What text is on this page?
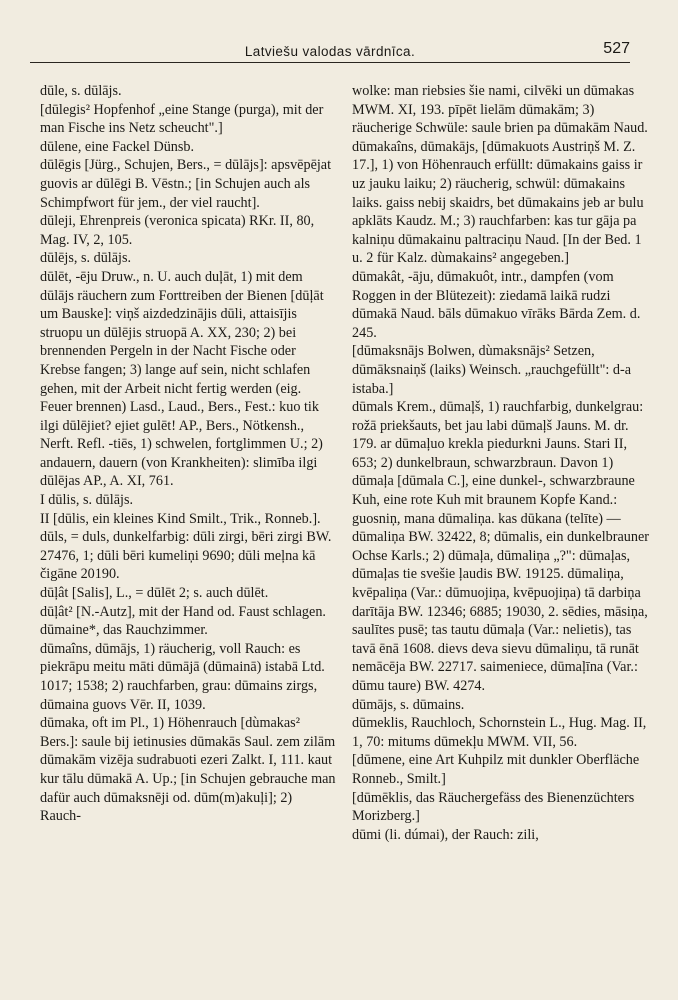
Latviešu valodas vārdnīca.	527

dūle, s. dūlājs.

[dūlegis² Hopfenhof „eine Stange (purga), mit der man Fische ins Netz scheucht".]

dūlene, eine Fackel Dünsb.

dūlēgis [Jürg., Schujen, Bers., = dūlājs]: apsvēpējat guovis ar dūlēgi B. Vēstn.; [in Schujen auch als Schimpfwort für jem., der viel raucht].

dūleji, Ehrenpreis (veronica spicata) RKr. II, 80, Mag. IV, 2, 105.

dūlējs, s. dūlājs.

dūlēt, -ēju Druw., n. U. auch duļāt, 1) mit dem dūlājs räuchern zum Forttreiben der Bienen [dūļāt um Bauske]: viņš aizdedzinājis dūli, attaisījis struopu un dūlējis struopā A. XX, 230; 2) bei brennenden Pergeln in der Nacht Fische oder Krebse fangen; 3) lange auf sein, nicht schlafen gehen, mit der Arbeit nicht fertig werden (eig. Feuer brennen) Lasd., Laud., Bers., Fest.: kuo tik ilgi dūlējiet? ejiet gulēt! AP., Bers., Nötkensh., Nerft. Refl. -tiēs, 1) schwelen, fortglimmen U.; 2) andauern, dauern (von Krankheiten): slimība ilgi dūlējas AP., A. XI, 761.

I dūlis, s. dūlājs.

II [dūlis, ein kleines Kind Smilt., Trik., Ronneb.].

dūls, = duls, dunkelfarbig: dūli zirgi, bēri zirgi BW. 27476, 1; dūli bēri kumeliņi 9690; dūli meļna kā čigāne 20190.

dūļât [Salis], L., = dūlēt 2; s. auch dūlēt.

dūļât² [N.-Autz], mit der Hand od. Faust schlagen.

dūmaine*, das Rauchzimmer.

dūmaîns, dūmājs, 1) räucherig, voll Rauch: es piekrāpu meitu māti dūmājā (dūmainā) istabā Ltd. 1017; 1538; 2) rauchfarben, grau: dūmains zirgs, dūmaina guovs Vēr. II, 1039.

dūmaka, oft im Pl., 1) Höhenrauch [dùmakas² Bers.]: saule bij ietinusies dūmakās Saul. zem zilām dūmakām vizēja sudrabuoti ezeri Zalkt. I, 111. kaut kur tālu dūmakā A. Up.; [in Schujen gebrauche man dafür auch dūmaksnēji od. dūm(m)akuļi]; 2) Rauch-

wolke: man riebsies šie nami, cilvēki un dūmakas MWM. XI, 193. pīpēt lielām dūmakām; 3) räucherige Schwüle: saule brien pa dūmakām Naud.

dūmakaîns, dūmakājs, [dūmakuots Austriņš M. Z. 17.], 1) von Höhenrauch erfüllt: dūmakains gaiss ir uz jauku laiku; 2) räucherig, schwül: dūmakains laiks. gaiss nebij skaidrs, bet dūmakains jeb ar bulu apklāts Kaudz. M.; 3) rauchfarben: kas tur gāja pa kalniņu dūmakainu paltraciņu Naud. [In der Bed. 1 u. 2 für Kalz. dùmakains² angegeben.]

dūmakât, -āju, dūmakuôt, intr., dampfen (vom Roggen in der Blütezeit): ziedamā laikā rudzi dūmakā Naud. bāls dūmakuo vīrāks Bārda Zem. d. 245.

[dūmaksnājs Bolwen, dùmaksnājs² Setzen, dūmāksnaiņš (laiks) Weinsch. „rauchgefüllt": d-a istaba.]

dūmals Krem., dūmaļš, 1) rauchfarbig, dunkelgrau: rožā priekšauts, bet jau labi dūmaļš Jauns. M. dr. 179. ar dūmaļuo krekla piedurkni Jauns. Stari II, 653; 2) dunkelbraun, schwarzbraun. Davon 1) dūmaļa [dūmala C.], eine dunkel-, schwarzbraune Kuh, eine rote Kuh mit braunem Kopfe Kand.: guosniņ, mana dūmaliņa. kas dūkana (telīte) — dūmaliņa BW. 32422, 8; dūmalis, ein dunkelbrauner Ochse Karls.; 2) dūmaļa, dūmaliņa „?": dūmaļas, dūmaļas tie svešie ļaudis BW. 19125. dūmaliņa, kvēpaliņa (Var.: dūmuojiņa, kvēpuojiņa) tā darbiņa darītāja BW. 12346; 6885; 19030, 2. sēdies, māsiņa, saulītes pusē; tas tautu dūmaļa (Var.: nelietis), tas tavā ēnā 1608. dievs deva sievu dūmaliņu, tā runāt nemācēja BW. 22717. saimeniece, dūmaļīna (Var.: dūmu taure) BW. 4274.

dūmājs, s. dūmains.

dūmeklis, Rauchloch, Schornstein L., Hug. Mag. II, 1, 70: mitums dūmekļu MWM. VII, 56.

[dūmene, eine Art Kuhpilz mit dunkler Oberfläche Ronneb., Smilt.]

[dūmēklis, das Räuchergefäss des Bienenzüchters Morizberg.]

dūmi (li. dúmai), der Rauch: zili,
